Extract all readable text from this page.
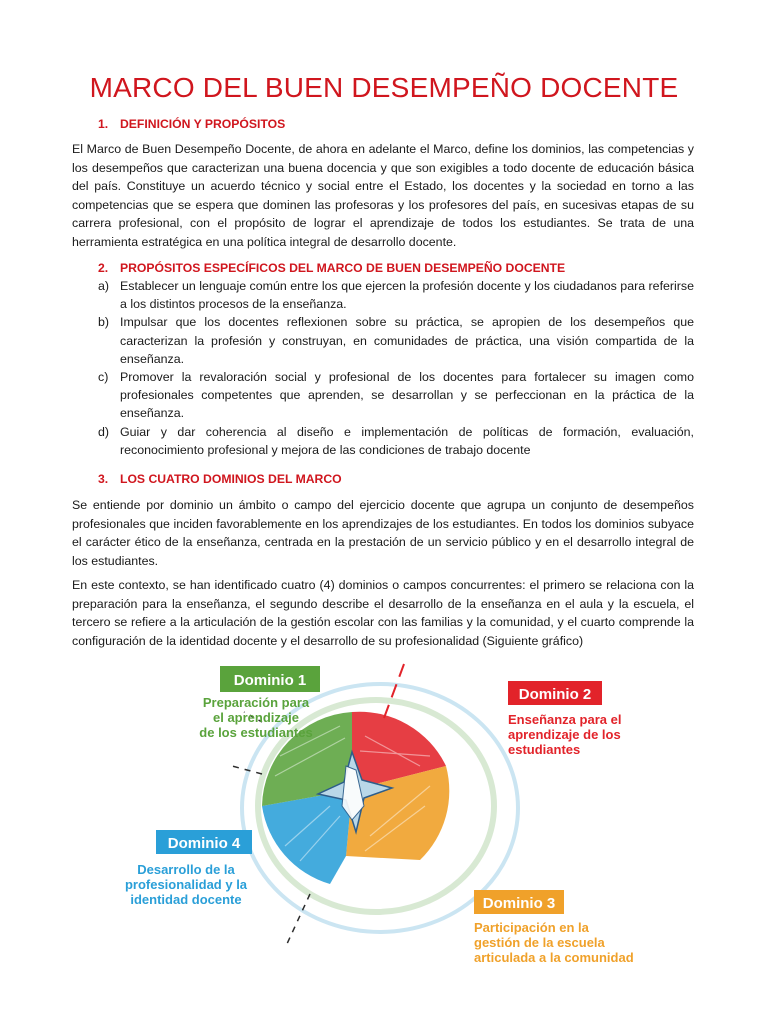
MARCO DEL BUEN DESEMPEÑO DOCENTE
1. DEFINICIÓN Y PROPÓSITOS

El Marco de Buen Desempeño Docente, de ahora en adelante el Marco, define los dominios, las competencias y los desempeños que caracterizan una buena docencia y que son exigibles a todo docente de educación básica del país. Constituye un acuerdo técnico y social entre el Estado, los docentes y la sociedad en torno a las competencias que se espera que dominen las profesoras y los profesores del país, en sucesivas etapas de su carrera profesional, con el propósito de lograr el aprendizaje de todos los estudiantes. Se trata de una herramienta estratégica en una política integral de desarrollo docente.

2. PROPÓSITOS ESPECÍFICOS DEL MARCO DE BUEN DESEMPEÑO DOCENTE
a) Establecer un lenguaje común entre los que ejercen la profesión docente y los ciudadanos para referirse a los distintos procesos de la enseñanza.
b) Impulsar que los docentes reflexionen sobre su práctica, se apropien de los desempeños que caracterizan la profesión y construyan, en comunidades de práctica, una visión compartida de la enseñanza.
c) Promover la revaloración social y profesional de los docentes para fortalecer su imagen como profesionales competentes que aprenden, se desarrollan y se perfeccionan en la práctica de la enseñanza.
d) Guiar y dar coherencia al diseño e implementación de políticas de formación, evaluación, reconocimiento profesional y mejora de las condiciones de trabajo docente
3. LOS CUATRO DOMINIOS DEL MARCO

Se entiende por dominio un ámbito o campo del ejercicio docente que agrupa un conjunto de desempeños profesionales que inciden favorablemente en los aprendizajes de los estudiantes. En todos los dominios subyace el carácter ético de la enseñanza, centrada en la prestación de un servicio público y en el desarrollo integral de los estudiantes.

En este contexto, se han identificado cuatro (4) dominios o campos concurrentes: el primero se relaciona con la preparación para la enseñanza, el segundo describe el desarrollo de la enseñanza en el aula y la escuela, el tercero se refiere a la articulación de la gestión escolar con las familias y la comunidad, y el cuarto comprende la configuración de la identidad docente y el desarrollo de su profesionalidad (Siguiente gráfico)

Dominio 1
Preparación para
el aprendizaje
de los estudiantes
Dominio 2
Enseñanza para el
aprendizaje de los
estudiantes
Dominio 3
Participación en la
gestión de la escuela
articulada a la comunidad
Dominio 4
Desarrollo de la
profesionalidad y la
identidad docente
